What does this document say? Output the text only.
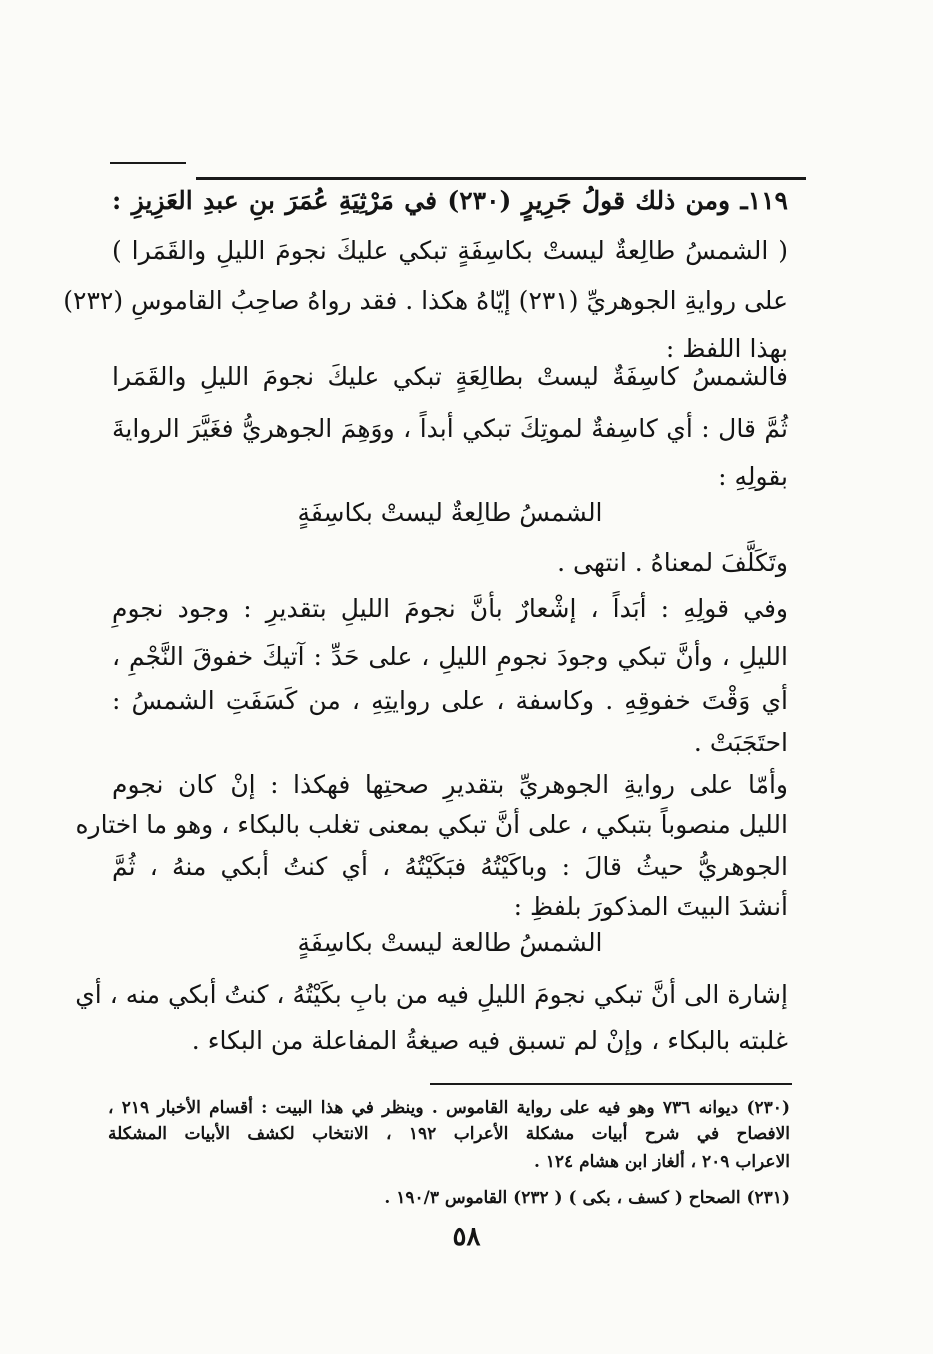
١١٩ـ ومن ذلك قولُ جَرِيرٍ (٢٣٠) في مَرْثِيَةِ عُمَرَ بنِ عبدِ العَزِيزِ :
( الشمسُ طالِعةٌ ليستْ بكاسِفَةٍ تبكي عليكَ نجومَ الليلِ والقَمَرا )
على روايةِ الجوهريِّ (٢٣١) إيّاهُ هكذا . فقد رواهُ صاحِبُ القاموسِ (٢٣٢)
بهذا اللفظ :
فالشمسُ كاسِفَةٌ ليستْ بطالِعَةٍ تبكي عليكَ نجومَ الليلِ والقَمَرا
ثُمَّ قال : أي كاسِفةٌ لموتِكَ تبكي أبداً ، ووَهِمَ الجوهريُّ فغَيَّرَ الروايةَ
بقولِهِ :
الشمسُ طالِعةٌ ليستْ بكاسِفَةٍ
وتَكَلَّفَ لمعناهُ . انتهى .
وفي قولِهِ : أبَداً ، إشْعارٌ بأنَّ نجومَ الليلِ بتقديرِ : وجود نجومِ
الليلِ ، وأنَّ تبكي وجودَ نجومِ الليلِ ، على حَدِّ : آتيكَ خفوقَ النَّجْمِ ،
أي وَقْتَ خفوقِهِ . وكاسفة ، على روايتِهِ ، من كَسَفَتِ الشمسُ :
احتَجَبَتْ .
وأمّا على روايةِ الجوهريِّ بتقديرِ صحتِها فهكذا : إنْ كان نجوم
الليل منصوباً بتبكي ، على أنَّ تبكي بمعنى تغلب بالبكاء ، وهو ما اختاره
الجوهريُّ حيثُ قالَ : وباكَيْتُهُ فبَكَيْتُهُ ، أي كنتُ أبكي منهُ ، ثُمَّ
أنشدَ البيتَ المذكورَ بلفظِ :
الشمسُ طالعة ليستْ بكاسِفَةٍ
إشارة الى أنَّ تبكي نجومَ الليلِ فيه من بابِ بكَيْتُهُ ، كنتُ أبكي منه ، أي
غلبته بالبكاء ، وإنْ لم تسبق فيه صيغةُ المفاعلة من البكاء .
(٢٣٠) ديوانه ٧٣٦ وهو فيه على رواية القاموس . وينظر في هذا البيت : أقسام الأخبار ٢١٩ ،
الافصاح في شرح أبيات مشكلة الأعراب ١٩٢ ، الانتخاب لكشف الأبيات المشكلة
الاعراب ٢٠٩ ، ألغاز ابن هشام ١٢٤ .
(٢٣١) الصحاح ( كسف ، بكى ) ( ٢٣٢) القاموس ١٩٠/٣ .
٥٨
